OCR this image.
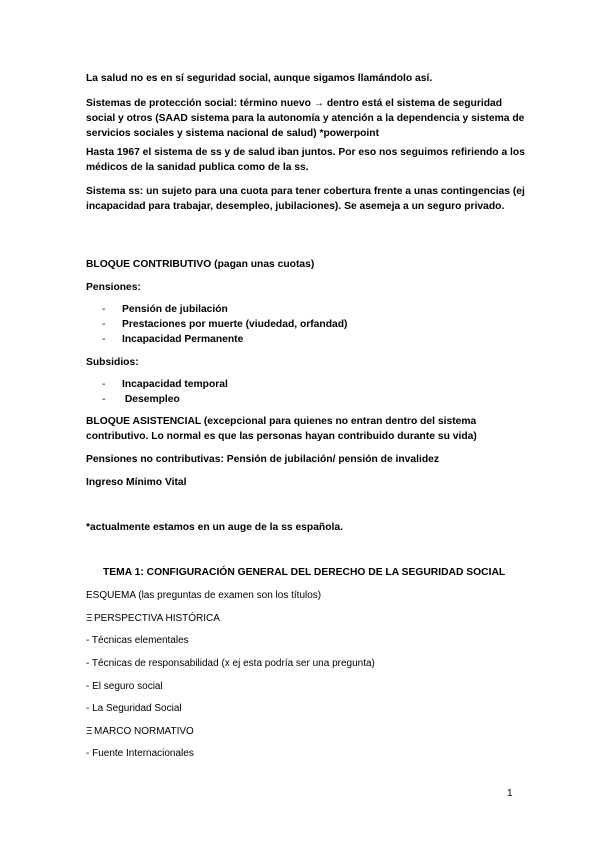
La salud no es en sí seguridad social, aunque sigamos llamándolo así.

Sistemas de protección social: término nuevo → dentro está el sistema de seguridad social y otros (SAAD sistema para la autonomía y atención a la dependencia y sistema de servicios sociales y sistema nacional de salud) *powerpoint

Hasta 1967 el sistema de ss y de salud iban juntos. Por eso nos seguimos refiriendo a los médicos de la sanidad publica como de la ss.

Sistema ss: un sujeto para una cuota para tener cobertura frente a unas contingencias (ej incapacidad para trabajar, desempleo, jubilaciones). Se asemeja a un seguro privado.

BLOQUE CONTRIBUTIVO (pagan unas cuotas)

Pensiones:

- Pensión de jubilación

- Prestaciones por muerte (viudedad, orfandad)

- Incapacidad Permanente

Subsidios:

- Incapacidad temporal

- Desempleo

BLOQUE ASISTENCIAL (excepcional para quienes no entran dentro del sistema contributivo. Lo normal es que las personas hayan contribuido durante su vida)

Pensiones no contributivas: Pensión de jubilación/ pensión de invalidez

Ingreso Mínimo Vital

*actualmente estamos en un auge de la ss española.

TEMA 1: CONFIGURACIÓN GENERAL DEL DERECHO DE LA SEGURIDAD SOCIAL

ESQUEMA (las preguntas de examen son los títulos)

Ξ PERSPECTIVA HISTÓRICA

- Técnicas elementales

- Técnicas de responsabilidad (x ej esta podría ser una pregunta)

- El seguro social

- La Seguridad Social

Ξ MARCO NORMATIVO

- Fuente Internacionales

1
